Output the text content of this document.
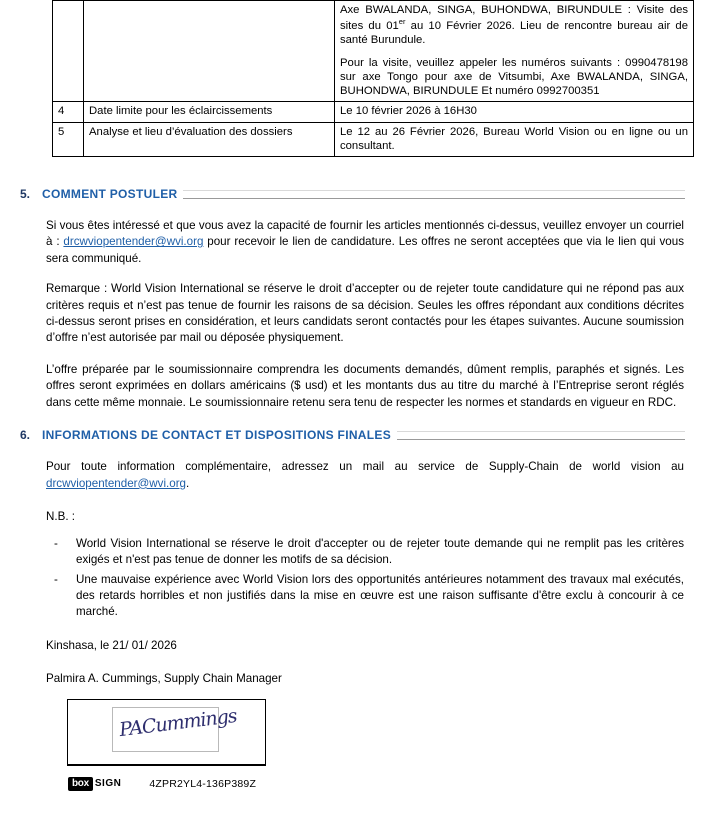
		Axe BWALANDA, SINGA, BUHONDWA, BIRUNDULE : Visite des sites du 01er au 10 Février 2026. Lieu de rencontre bureau air de santé Burundule.
Pour la visite, veuillez appeler les numéros suivants : 0990478198 sur axe Tongo pour axe de Vitsumbi, Axe BWALANDA, SINGA, BUHONDWA, BIRUNDULE Et numéro 0992700351

4	Date limite pour les éclaircissements	Le 10 février 2026 à 16H30
5	Analyse et lieu d’évaluation des dossiers	Le 12 au 26 Février 2026, Bureau World Vision ou en ligne ou un consultant.
5. COMMENT POSTULER

Si vous êtes intéressé et que vous avez la capacité de fournir les articles mentionnés ci-dessus, veuillez envoyer un courriel à : drcwviopentender@wvi.org pour recevoir le lien de candidature. Les offres ne seront acceptées que via le lien qui vous sera communiqué.

Remarque : World Vision International se réserve le droit d’accepter ou de rejeter toute candidature qui ne répond pas aux critères requis et n’est pas tenue de fournir les raisons de sa décision. Seules les offres répondant aux conditions décrites ci-dessus seront prises en considération, et leurs candidats seront contactés pour les étapes suivantes. Aucune soumission d’offre n’est autorisée par mail ou déposée physiquement.

L’offre préparée par le soumissionnaire comprendra les documents demandés, dûment remplis, paraphés et signés. Les offres seront exprimées en dollars américains ($ usd) et les montants dus au titre du marché à l’Entreprise seront réglés dans cette même monnaie. Le soumissionnaire retenu sera tenu de respecter les normes et standards en vigueur en RDC.

6. INFORMATIONS DE CONTACT ET DISPOSITIONS FINALES

Pour toute information complémentaire, adressez un mail au service de Supply-Chain de world vision au drcwviopentender@wvi.org.

N.B. :

- World Vision International se réserve le droit d'accepter ou de rejeter toute demande qui ne remplit pas les critères exigés et n'est pas tenue de donner les motifs de sa décision.
- Une mauvaise expérience avec World Vision lors des opportunités antérieures notamment des travaux mal exécutés, des retards horribles et non justifiés dans la mise en œuvre est une raison suffisante d'être exclu à concourir à ce marché.

Kinshasa, le 21/ 01/ 2026

Palmira A. Cummings, Supply Chain Manager

PACummings
box SIGN	4ZPR2YL4-136P389Z
